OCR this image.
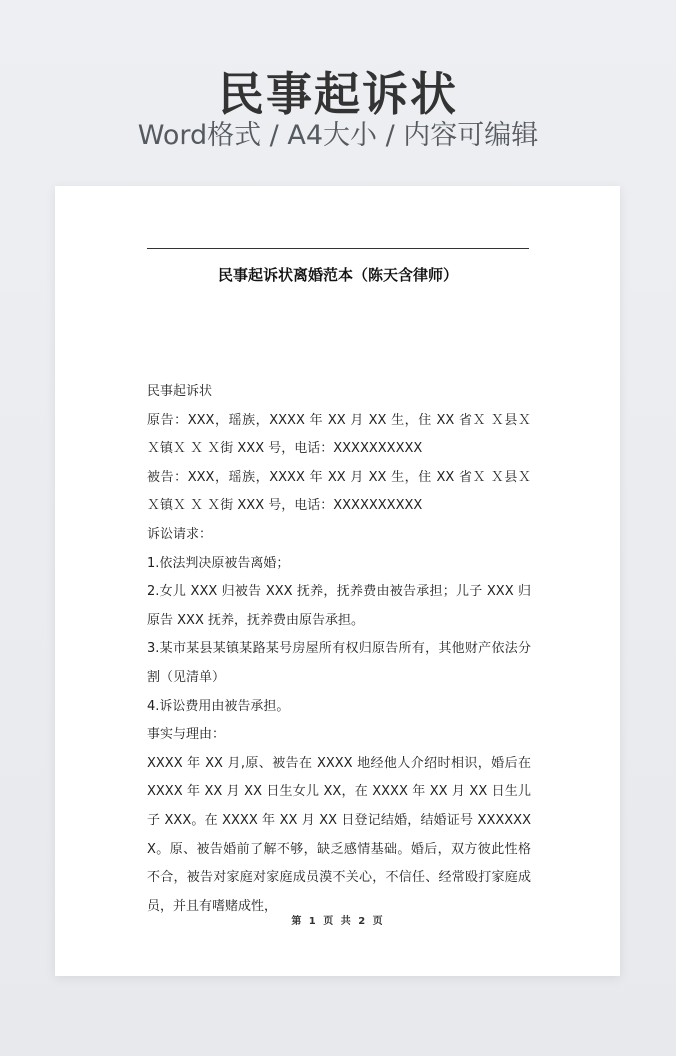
民事起诉状
Word格式 / A4大小 / 内容可编辑
民事起诉状离婚范本（陈天含律师）

民事起诉状

原告：XXX，瑶族，XXXX 年 XX 月 XX 生，住 XX 省Ｘ Ｘ县Ｘ Ｘ镇Ｘ Ｘ Ｘ街 XXX 号，电话：XXXXXXXXXX

被告：XXX，瑶族，XXXX 年 XX 月 XX 生，住 XX 省Ｘ Ｘ县Ｘ Ｘ镇Ｘ Ｘ Ｘ街 XXX 号，电话：XXXXXXXXXX

诉讼请求：

1.依法判决原被告离婚；

2.女儿 XXX 归被告 XXX 抚养，抚养费由被告承担；儿子 XXX 归原告 XXX 抚养，抚养费由原告承担。

3.某市某县某镇某路某号房屋所有权归原告所有，其他财产依法分割（见清单）

4.诉讼费用由被告承担。

事实与理由：

XXXX 年 XX 月,原、被告在 XXXX 地经他人介绍时相识，婚后在 XXXX 年 XX 月 XX 日生女儿 XX，在 XXXX 年 XX 月 XX 日生儿子 XXX。在 XXXX 年 XX 月 XX 日登记结婚，结婚证号 XXXXXXX。原、被告婚前了解不够，缺乏感情基础。婚后，双方彼此性格不合，被告对家庭对家庭成员漠不关心，不信任、经常殴打家庭成员，并且有嗜赌成性，

第 1 页 共 2 页
